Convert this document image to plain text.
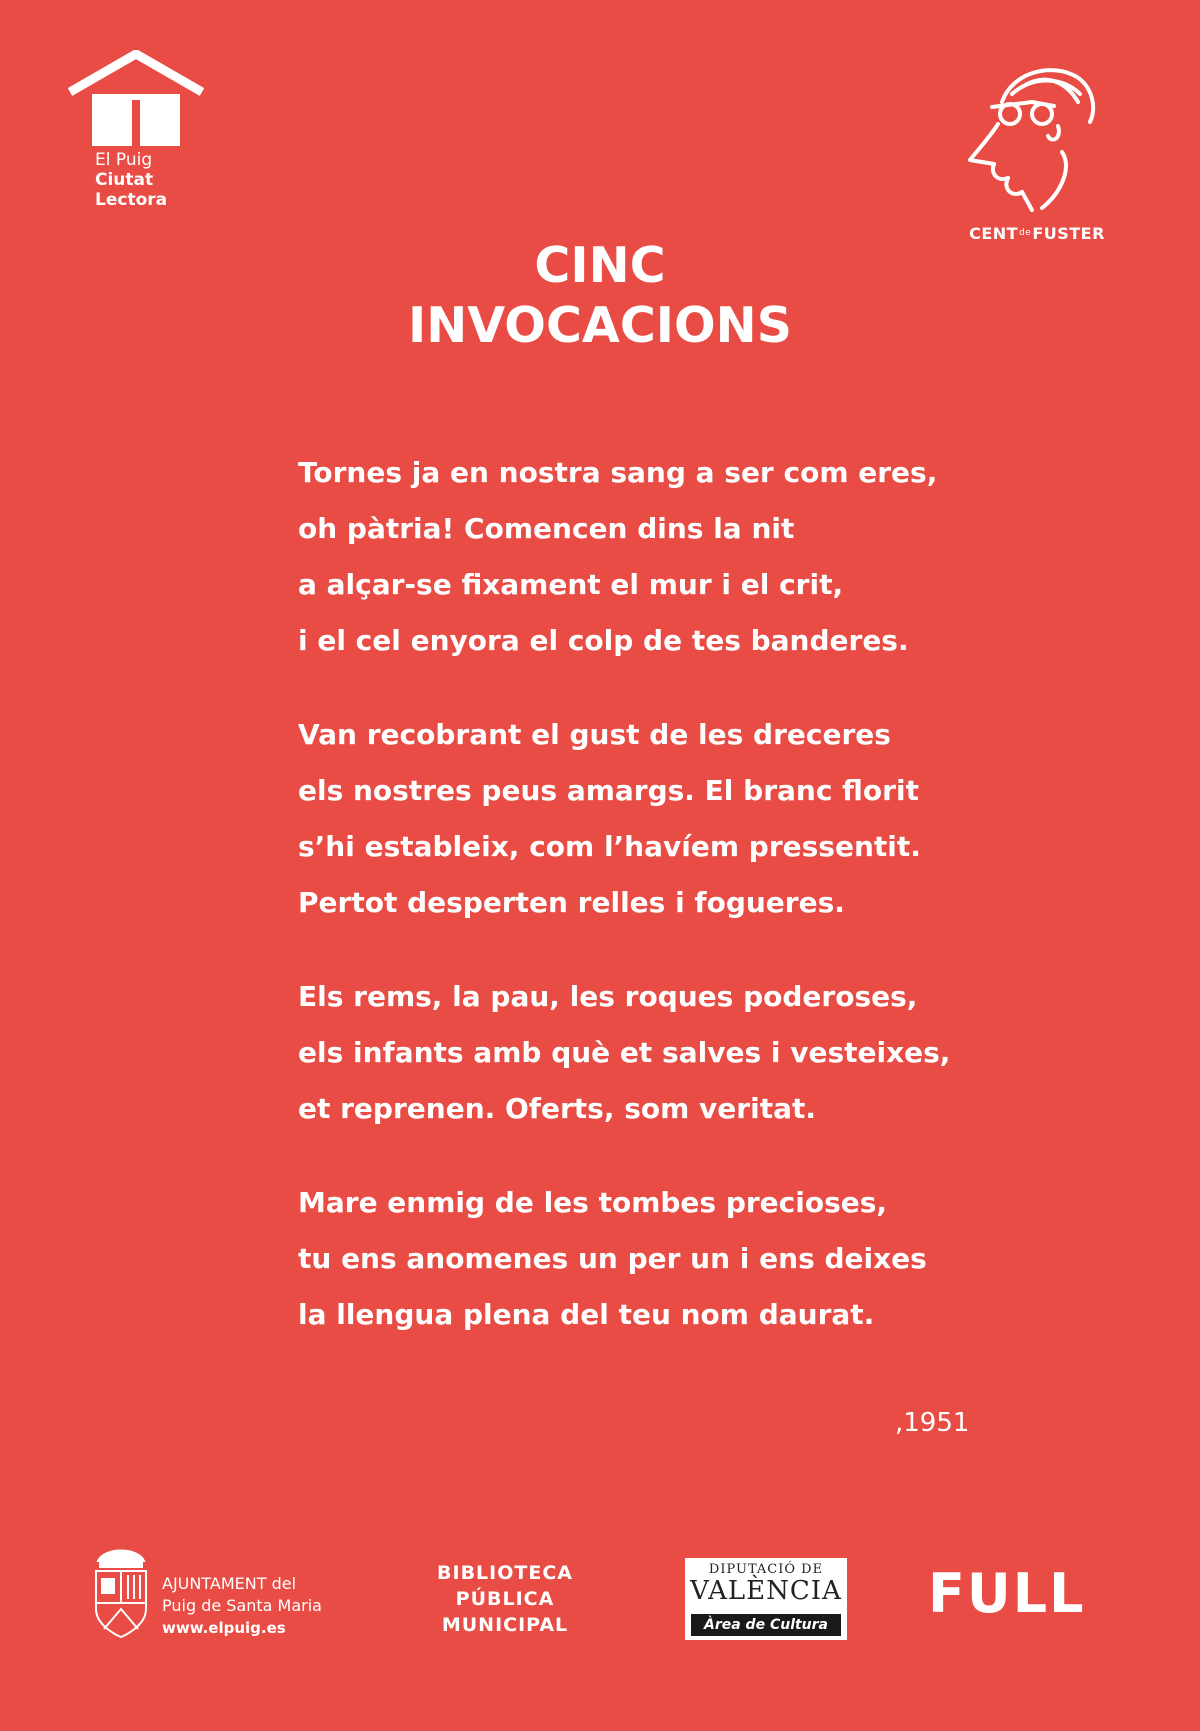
El Puig
Ciutat
Lectora
$CENT^{de}FUSTER$
CINC
INVOCACIONS
Tornes ja en nostra sang a ser com eres,
oh pàtria! Comencen dins la nit
a alçar-se fixament el mur i el crit,
i el cel enyora el colp de tes banderes.
Van recobrant el gust de les dreceres
els nostres peus amargs. El branc florit
s’hi estableix, com l’havíem pressentit.
Pertot desperten relles i fogueres.
Els rems, la pau, les roques poderoses,
els infants amb què et salves i vesteixes,
et reprenen. Oferts, som veritat.
Mare enmig de les tombes precioses,
tu ens anomenes un per un i ens deixes
la llengua plena del teu nom daurat.
,1951
AJUNTAMENT del
Puig de Santa Maria
www.elpuig.es
BIBLIOTECA
PÚBLICA
MUNICIPAL
DIPUTACIÓ DE
VALÈNCIA
Àrea de Cultura FULL
